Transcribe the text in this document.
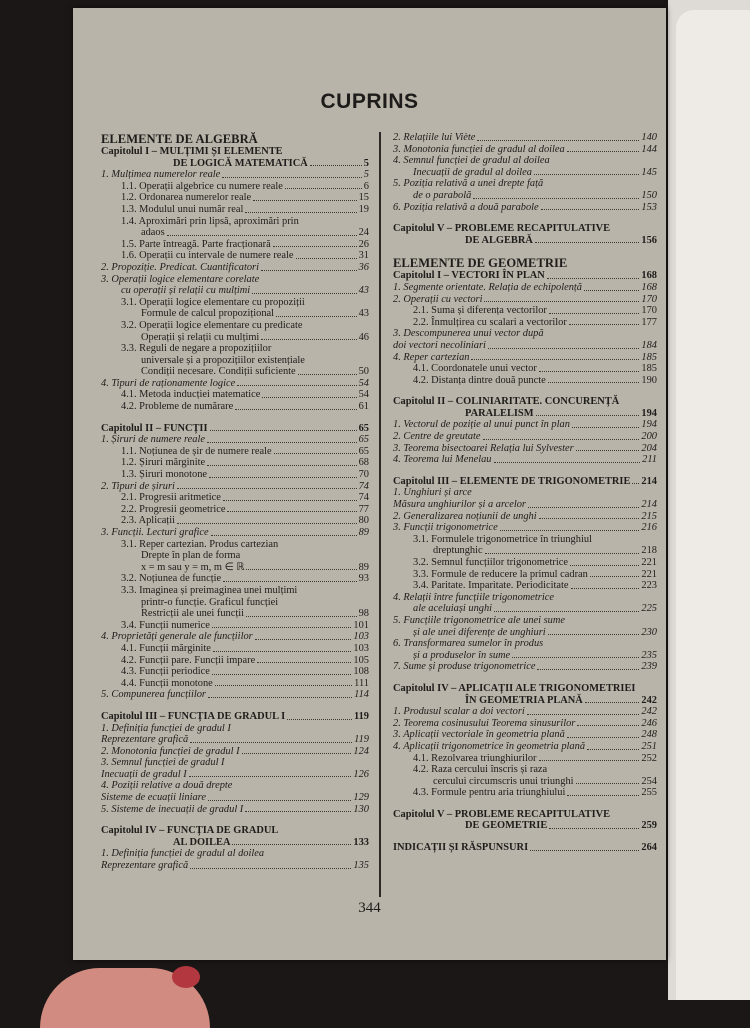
CUPRINS
ELEMENTE DE ALGEBRĂ
Capitolul I – MULȚIMI ȘI ELEMENTE
DE LOGICĂ MATEMATICĂ	5
1. Mulțimea numerelor reale	5
1.1. Operații algebrice cu numere reale	6
1.2. Ordonarea numerelor reale	15
1.3. Modulul unui număr real	19
1.4. Aproximări prin lipsă, aproximări prin
adaos	24
1.5. Parte întreagă. Parte fracționară	26
1.6. Operații cu intervale de numere reale	31
2. Propoziție. Predicat. Cuantificatori	36
3. Operații logice elementare corelate
cu operații și relații cu mulțimi	43
3.1. Operații logice elementare cu propoziții
Formule de calcul propozițional	43
3.2. Operații logice elementare cu predicate
Operații și relații cu mulțimi	46
3.3. Reguli de negare a propozițiilor
universale și a propozițiilor existențiale
Condiții necesare. Condiții suficiente	50
4. Tipuri de raționamente logice	54
4.1. Metoda inducției matematice	54
4.2. Probleme de numărare	61
Capitolul II – FUNCȚII	65
1. Șiruri de numere reale	65
1.1. Noțiunea de șir de numere reale	65
1.2. Șiruri mărginite	68
1.3. Șiruri monotone	70
2. Tipuri de șiruri	74
2.1. Progresii aritmetice	74
2.2. Progresii geometrice	77
2.3. Aplicații	80
3. Funcții. Lecturi grafice	89
3.1. Reper cartezian. Produs cartezian
Drepte în plan de forma
x = m sau y = m, m ∈ ℝ	89
3.2. Noțiunea de funcție	93
3.3. Imaginea și preimaginea unei mulțimi
printr-o funcție. Graficul funcției
Restricții ale unei funcții	98
3.4. Funcții numerice	101
4. Proprietăți generale ale funcțiilor	103
4.1. Funcții mărginite	103
4.2. Funcții pare. Funcții impare	105
4.3. Funcții periodice	108
4.4. Funcții monotone	111
5. Compunerea funcțiilor	114
Capitolul III – FUNCȚIA DE GRADUL I	119
1. Definiția funcției de gradul I
Reprezentare grafică	119
2. Monotonia funcției de gradul I	124
3. Semnul funcției de gradul I
Inecuații de gradul I	126
4. Poziții relative a două drepte
Sisteme de ecuații liniare	129
5. Sisteme de inecuații de gradul I	130
Capitolul IV – FUNCȚIA DE GRADUL
AL DOILEA	133
1. Definiția funcției de gradul al doilea
Reprezentare grafică	135
2. Relațiile lui Viète	140
3. Monotonia funcției de gradul al doilea	144
4. Semnul funcției de gradul al doilea
Inecuații de gradul al doilea	145
5. Poziția relativă a unei drepte față
de o parabolă	150
6. Poziția relativă a două parabole	153
Capitolul V – PROBLEME RECAPITULATIVE
DE ALGEBRĂ	156
ELEMENTE DE GEOMETRIE
Capitolul I – VECTORI ÎN PLAN	168
1. Segmente orientate. Relația de echipolență	168
2. Operații cu vectori	170
2.1. Suma și diferența vectorilor	170
2.2. Înmulțirea cu scalari a vectorilor	177
3. Descompunerea unui vector după
doi vectori necoliniari	184
4. Reper cartezian	185
4.1. Coordonatele unui vector	185
4.2. Distanța dintre două puncte	190
Capitolul II – COLINIARITATE. CONCURENȚĂ
PARALELISM	194
1. Vectorul de poziție al unui punct în plan	194
2. Centre de greutate	200
3. Teorema bisectoarei Relația lui Sylvester	204
4. Teorema lui Menelau	211
Capitolul III – ELEMENTE DE TRIGONOMETRIE 214
1. Unghiuri și arce
Măsura unghiurilor și a arcelor	214
2. Generalizarea noțiunii de unghi	215
3. Funcții trigonometrice	216
3.1. Formulele trigonometrice în triunghiul
dreptunghic	218
3.2. Semnul funcțiilor trigonometrice	221
3.3. Formule de reducere la primul cadran	221
3.4. Paritate. Imparitate. Periodicitate	223
4. Relații între funcțiile trigonometrice
ale aceluiași unghi	225
5. Funcțiile trigonometrice ale unei sume
și ale unei diferențe de unghiuri	230
6. Transformarea sumelor în produs
și a produselor în sume	235
7. Sume și produse trigonometrice	239
Capitolul IV – APLICAȚII ALE TRIGONOMETRIEI
ÎN GEOMETRIA PLANĂ	242
1. Produsul scalar a doi vectori	242
2. Teorema cosinusului Teorema sinusurilor	246
3. Aplicații vectoriale în geometria plană	248
4. Aplicații trigonometrice în geometria plană	251
4.1. Rezolvarea triunghiurilor	252
4.2. Raza cercului înscris și raza
cercului circumscris unui triunghi	254
4.3. Formule pentru aria triunghiului	255
Capitolul V – PROBLEME RECAPITULATIVE
DE GEOMETRIE	259
INDICAȚII ȘI RĂSPUNSURI	264
344
